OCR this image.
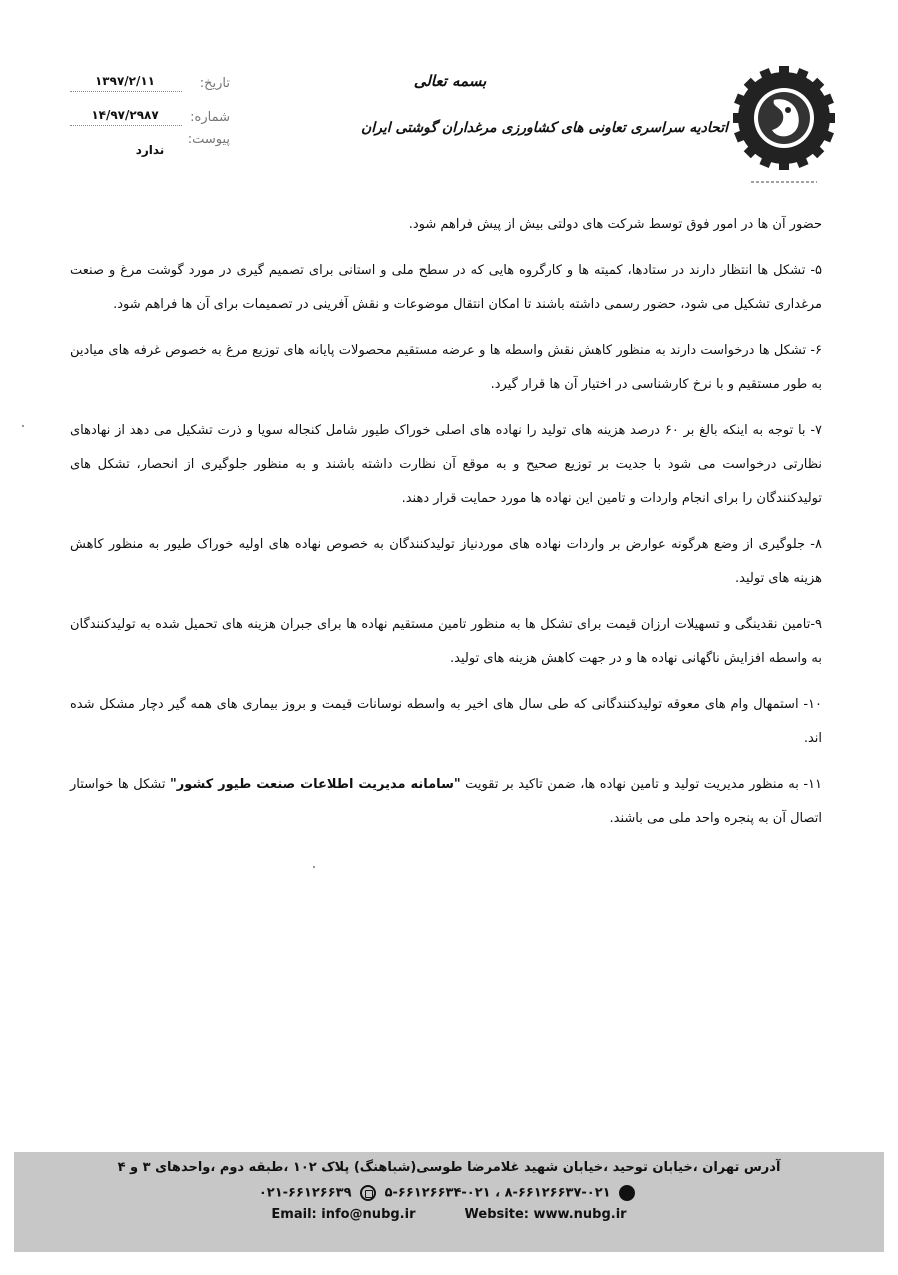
بسمه تعالی
اتحادیه سراسری تعاونی های کشاورزی مرغداران گوشتی ایران
تاریخ:
۱۳۹۷/۲/۱۱
شماره:
۱۴/۹۷/۲۹۸۷
پیوست:
ندارد

حضور آن ها در امور فوق توسط شرکت های دولتی بیش از پیش فراهم شود.

۵- تشکل ها انتظار دارند در ستادها، کمیته ها و کارگروه هایی که در سطح ملی و استانی برای تصمیم گیری در مورد گوشت مرغ و صنعت مرغداری تشکیل می شود، حضور رسمی داشته باشند تا امکان انتقال موضوعات و نقش آفرینی در تصمیمات برای آن ها فراهم شود.

۶- تشکل ها درخواست دارند به منظور کاهش نقش واسطه ها و عرضه مستقیم محصولات پایانه های توزیع مرغ به خصوص غرفه های میادین به طور مستقیم و با نرخ کارشناسی در اختیار آن ها قرار گیرد.

۷- با توجه به اینکه بالغ بر ۶۰ درصد هزینه های تولید را نهاده های اصلی خوراک طیور شامل کنجاله سویا و ذرت تشکیل می دهد از نهادهای نظارتی درخواست می شود با جدیت بر توزیع صحیح و به موقع آن نظارت داشته باشند و به منظور جلوگیری از انحصار، تشکل های تولیدکنندگان را برای انجام واردات و تامین این نهاده ها مورد حمایت قرار دهند.

۸- جلوگیری از وضع هرگونه عوارض بر واردات نهاده های موردنیاز تولیدکنندگان به خصوص نهاده های اولیه خوراک طیور به منظور کاهش هزینه های تولید.

۹-تامین نقدینگی و تسهیلات ارزان قیمت برای تشکل ها به منظور تامین مستقیم نهاده ها برای جبران هزینه های تحمیل شده به تولیدکنندگان به واسطه افزایش ناگهانی نهاده ها و در جهت کاهش هزینه های تولید.

۱۰- استمهال وام های معوقه تولیدکنندگانی که طی سال های اخیر به واسطه نوسانات قیمت و بروز بیماری های همه گیر دچار مشکل شده اند.

۱۱- به منظور مدیریت تولید و تامین نهاده ها، ضمن تاکید بر تقویت "سامانه مدیریت اطلاعات صنعت طیور کشور" تشکل ها خواستار اتصال آن به پنجره واحد ملی می باشند.

آدرس تهران ،خیابان توحید ،خیابان شهید غلامرضا طوسی(شباهنگ) پلاک ۱۰۲ ،طبقه دوم ،واحدهای ۳ و ۴
۸-۶۶۱۲۶۶۳۷-۰۲۱ ، ۵-۶۶۱۲۶۶۳۴-۰۲۱  ۰۲۱-۶۶۱۲۶۶۳۹
Email: info@nubg.ir	Website: www.nubg.ir
